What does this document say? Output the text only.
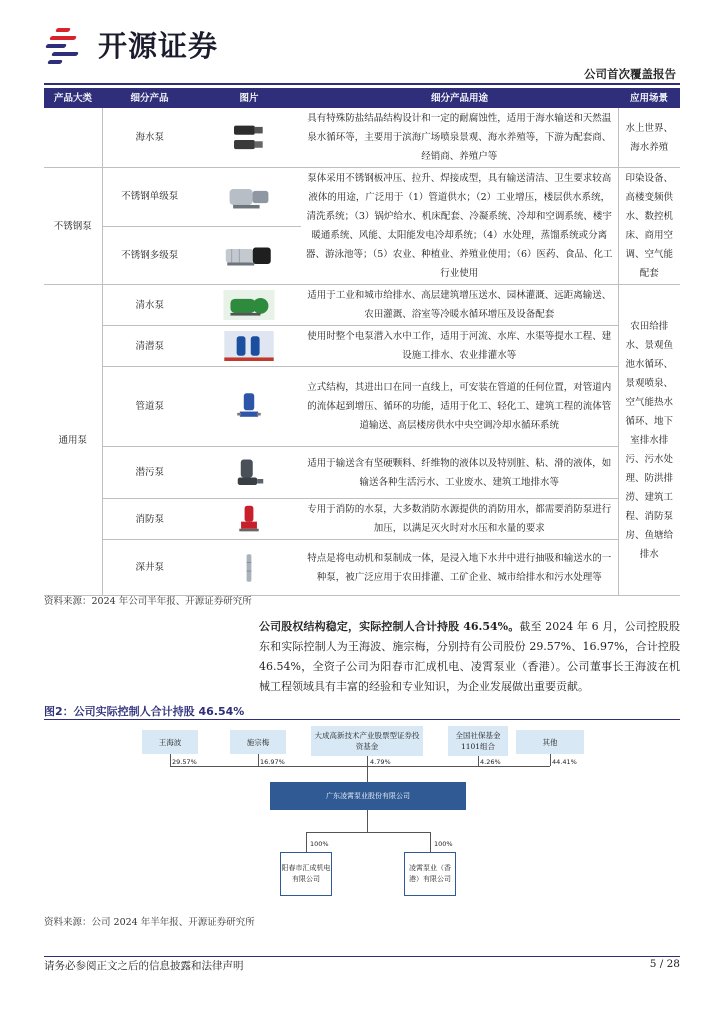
开源证券
公司首次覆盖报告
产品大类	细分产品	图片	细分产品用途	应用场景
	海水泵		具有特殊防盐结晶结构设计和一定的耐腐蚀性，适用于海水输送和天然温泉水循环等，主要用于滨海广场喷泉景观、海水养殖等，下游为配套商、经销商、养殖户等	水上世界、海水养殖
不锈钢泵	不锈钢单级泵		泵体采用不锈钢板冲压、拉升、焊接成型，具有输送清洁、卫生要求较高液体的用途，广泛用于（1）管道供水；（2）工业增压，楼层供水系统，清洗系统；（3）锅炉给水、机床配套、冷凝系统、冷却和空调系统、楼宇暖通系统、风能、太阳能发电冷却系统；（4）水处理，蒸馏系统或分离器、游泳池等；（5）农业、种植业、养殖业使用；（6）医药、食品、化工行业使用	印染设备、高楼变频供水、数控机床、商用空调、空气能配套
	不锈钢多级泵	
通用泵	清水泵		适用于工业和城市给排水、高层建筑增压送水、园林灌溉、远距离输送、农田灌溉、浴室等冷暖水循环增压及设备配套	农田给排水、景观鱼池水循环、景观喷泉、空气能热水循环、地下室排水排污、污水处理、防洪排涝、建筑工程、消防泵房、鱼塘给排水
	清潜泵		使用时整个电泵潜入水中工作，适用于河流、水库、水渠等提水工程、建设施工排水、农业排灌水等	
	管道泵		立式结构，其进出口在同一直线上，可安装在管道的任何位置，对管道内的流体起到增压、循环的功能，适用于化工、轻化工、建筑工程的流体管道输送、高层楼房供水中央空调冷却水循环系统	
	潜污泵		适用于输送含有坚硬颗料、纤维物的液体以及特别脏、粘、滑的液体，如输送各种生活污水、工业废水、建筑工地排水等	
	消防泵		专用于消防的水泵，大多数消防水源提供的消防用水，都需要消防泵进行加压，以满足灭火时对水压和水量的要求	
	深井泵		特点是将电动机和泵制成一体，是浸入地下水井中进行抽吸和输送水的一种泵，被广泛应用于农田排灌、工矿企业、城市给排水和污水处理等	
资料来源：2024 年公司半年报、开源证券研究所
公司股权结构稳定，实际控制人合计持股 46.54%。截至 2024 年 6 月，公司控股股东和实际控制人为王海波、施宗梅，分别持有公司股份 29.57%、16.97%，合计控股 46.54%，全资子公司为阳春市汇成机电、凌霄泵业（香港）。公司董事长王海波在机械工程领域具有丰富的经验和专业知识，为企业发展做出重要贡献。
图2：公司实际控制人合计持股 46.54%
王海波	施宗梅
大成高新技术产业股票型证券投资基金
全国社保基金1101组合	其他
29.57%	16.97%	4.79%	4.26%	44.41%
广东凌霄泵业股份有限公司
100%	100%
阳春市汇成机电有限公司
凌霄泵业（香港）有限公司
资料来源：公司 2024 年半年报、开源证券研究所
请务必参阅正文之后的信息披露和法律声明	5 / 28
